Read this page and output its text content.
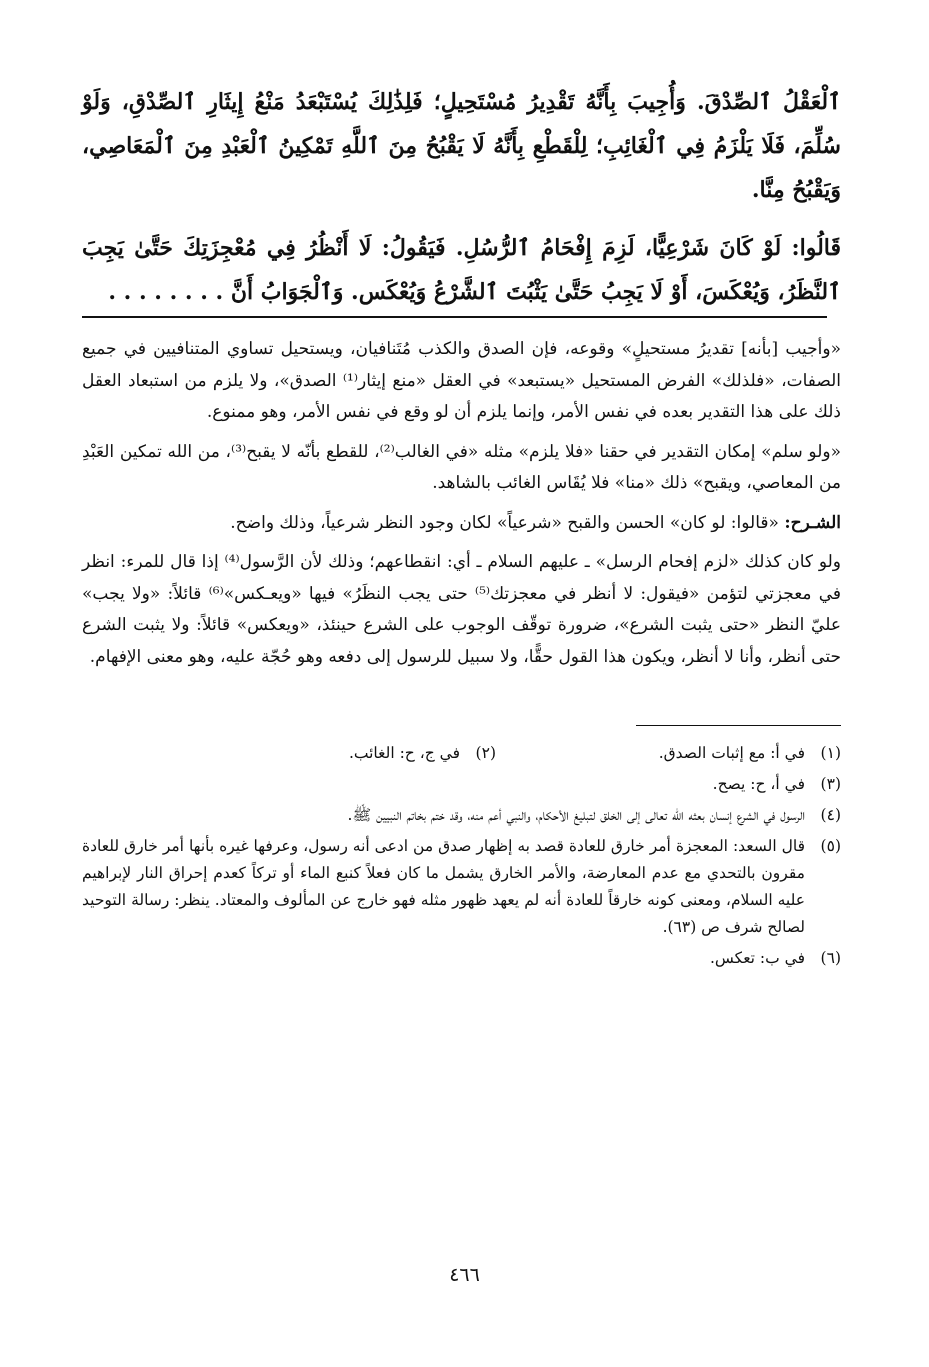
ٱلْعَقْلُ ٱلصِّدْقَ. وَأُجِيبَ بِأَنَّهُ تَقْدِيرُ مُسْتَحِيلٍ؛ فَلِذَٰلِكَ يُسْتَبْعَدُ مَنْعُ إِيثَارِ ٱلصِّدْقِ، وَلَوْ سُلِّمَ، فَلَا يَلْزَمُ فِي ٱلْغَائِبِ؛ لِلْقَطْعِ بِأَنَّهُ لَا يَقْبُحُ مِنَ ٱللَّهِ تَمْكِينُ ٱلْعَبْدِ مِنَ ٱلْمَعَاصِي، وَيَقْبُحُ مِنَّا.

قَالُوا: لَوْ كَانَ شَرْعِيًّا، لَزِمَ إِفْحَامُ ٱلرُّسُلِ. فَيَقُولُ: لَا أَنْظُرُ فِي مُعْجِزَتِكَ حَتَّىٰ يَجِبَ ٱلنَّظَرُ، وَيُعْكَسَ، أَوْ لَا يَجِبُ حَتَّىٰ يَثْبُتَ ٱلشَّرْعُ وَيُعْكَس. وَٱلْجَوَابُ أَنَّ . . . . . . . .

«وأجيب [بأنه] تقديرُ مستحيلٍ» وقوعه، فإن الصدق والكذب مُتَنافيان، ويستحيل تساوي المتنافيين في جميع الصفات، «فلذلك» الفرض المستحيل «يستبعد» في العقل «منع إيثار⁽¹⁾ الصدق»، ولا يلزم من استبعاد العقل ذلك على هذا التقدير بعده في نفس الأمر، وإنما يلزم أن لو وقع في نفس الأمر، وهو ممنوع.

«ولو سلم» إمكان التقدير في حقنا «فلا يلزم» مثله «في الغالب⁽²⁾، للقطع بأنّه لا يقبح⁽³⁾، من الله تمكين العَبْدِ من المعاصي، ويقبح» ذلك «منا» فلا يُقَاس الغائب بالشاهد.

الشـرح: «قالوا: لو كان» الحسن والقبح «شرعياً» لكان وجود النظر شرعياً، وذلك واضح.

ولو كان كذلك «لزم إفحام الرسل» ـ عليهم السلام ـ أي: انقطاعهم؛ وذلك لأن الرَّسول⁽⁴⁾ إذا قال للمرء: انظر في معجزتي لتؤمن «فيقول: لا أنظر في معجزتك⁽⁵⁾ حتى يجب النظَرُ» فيها «ويعـكس»⁽⁶⁾ قائلاً: «ولا يجب» عليّ النظر «حتى يثبت الشرع»، ضرورة توقّف الوجوب على الشرع حينئذ، «ويعكس» قائلاً: ولا يثبت الشرع حتى أنظر، وأنا لا أنظر، ويكون هذا القول حقًّا، ولا سبيل للرسول إلى دفعه وهو حُجّة عليه، وهو معنى الإفهام.

(١)
في أ: مع إثبات الصدق.
(٢)
في ج، ح: الغائب.
(٣)
في أ، ح: يصح.
(٤)
الرسول في الشرع إنسان بعثه الله تعالى إلى الخلق لتبليغ الأحكام، والنبي أعم منه، وقد ختم بخاتم النبيين ﷺ.
(٥)
قال السعد: المعجزة أمر خارق للعادة قصد به إظهار صدق من ادعى أنه رسول، وعرفها غيره بأنها أمر خارق للعادة مقرون بالتحدي مع عدم المعارضة، والأمر الخارق يشمل ما كان فعلاً كنبع الماء أو تركاً كعدم إحراق النار لإبراهيم عليه السلام، ومعنى كونه خارقاً للعادة أنه لم يعهد ظهور مثله فهو خارج عن المألوف والمعتاد. ينظر: رسالة التوحيد لصالح شرف ص (٦٣).
(٦)
في ب: تعكس.
٤٦٦
